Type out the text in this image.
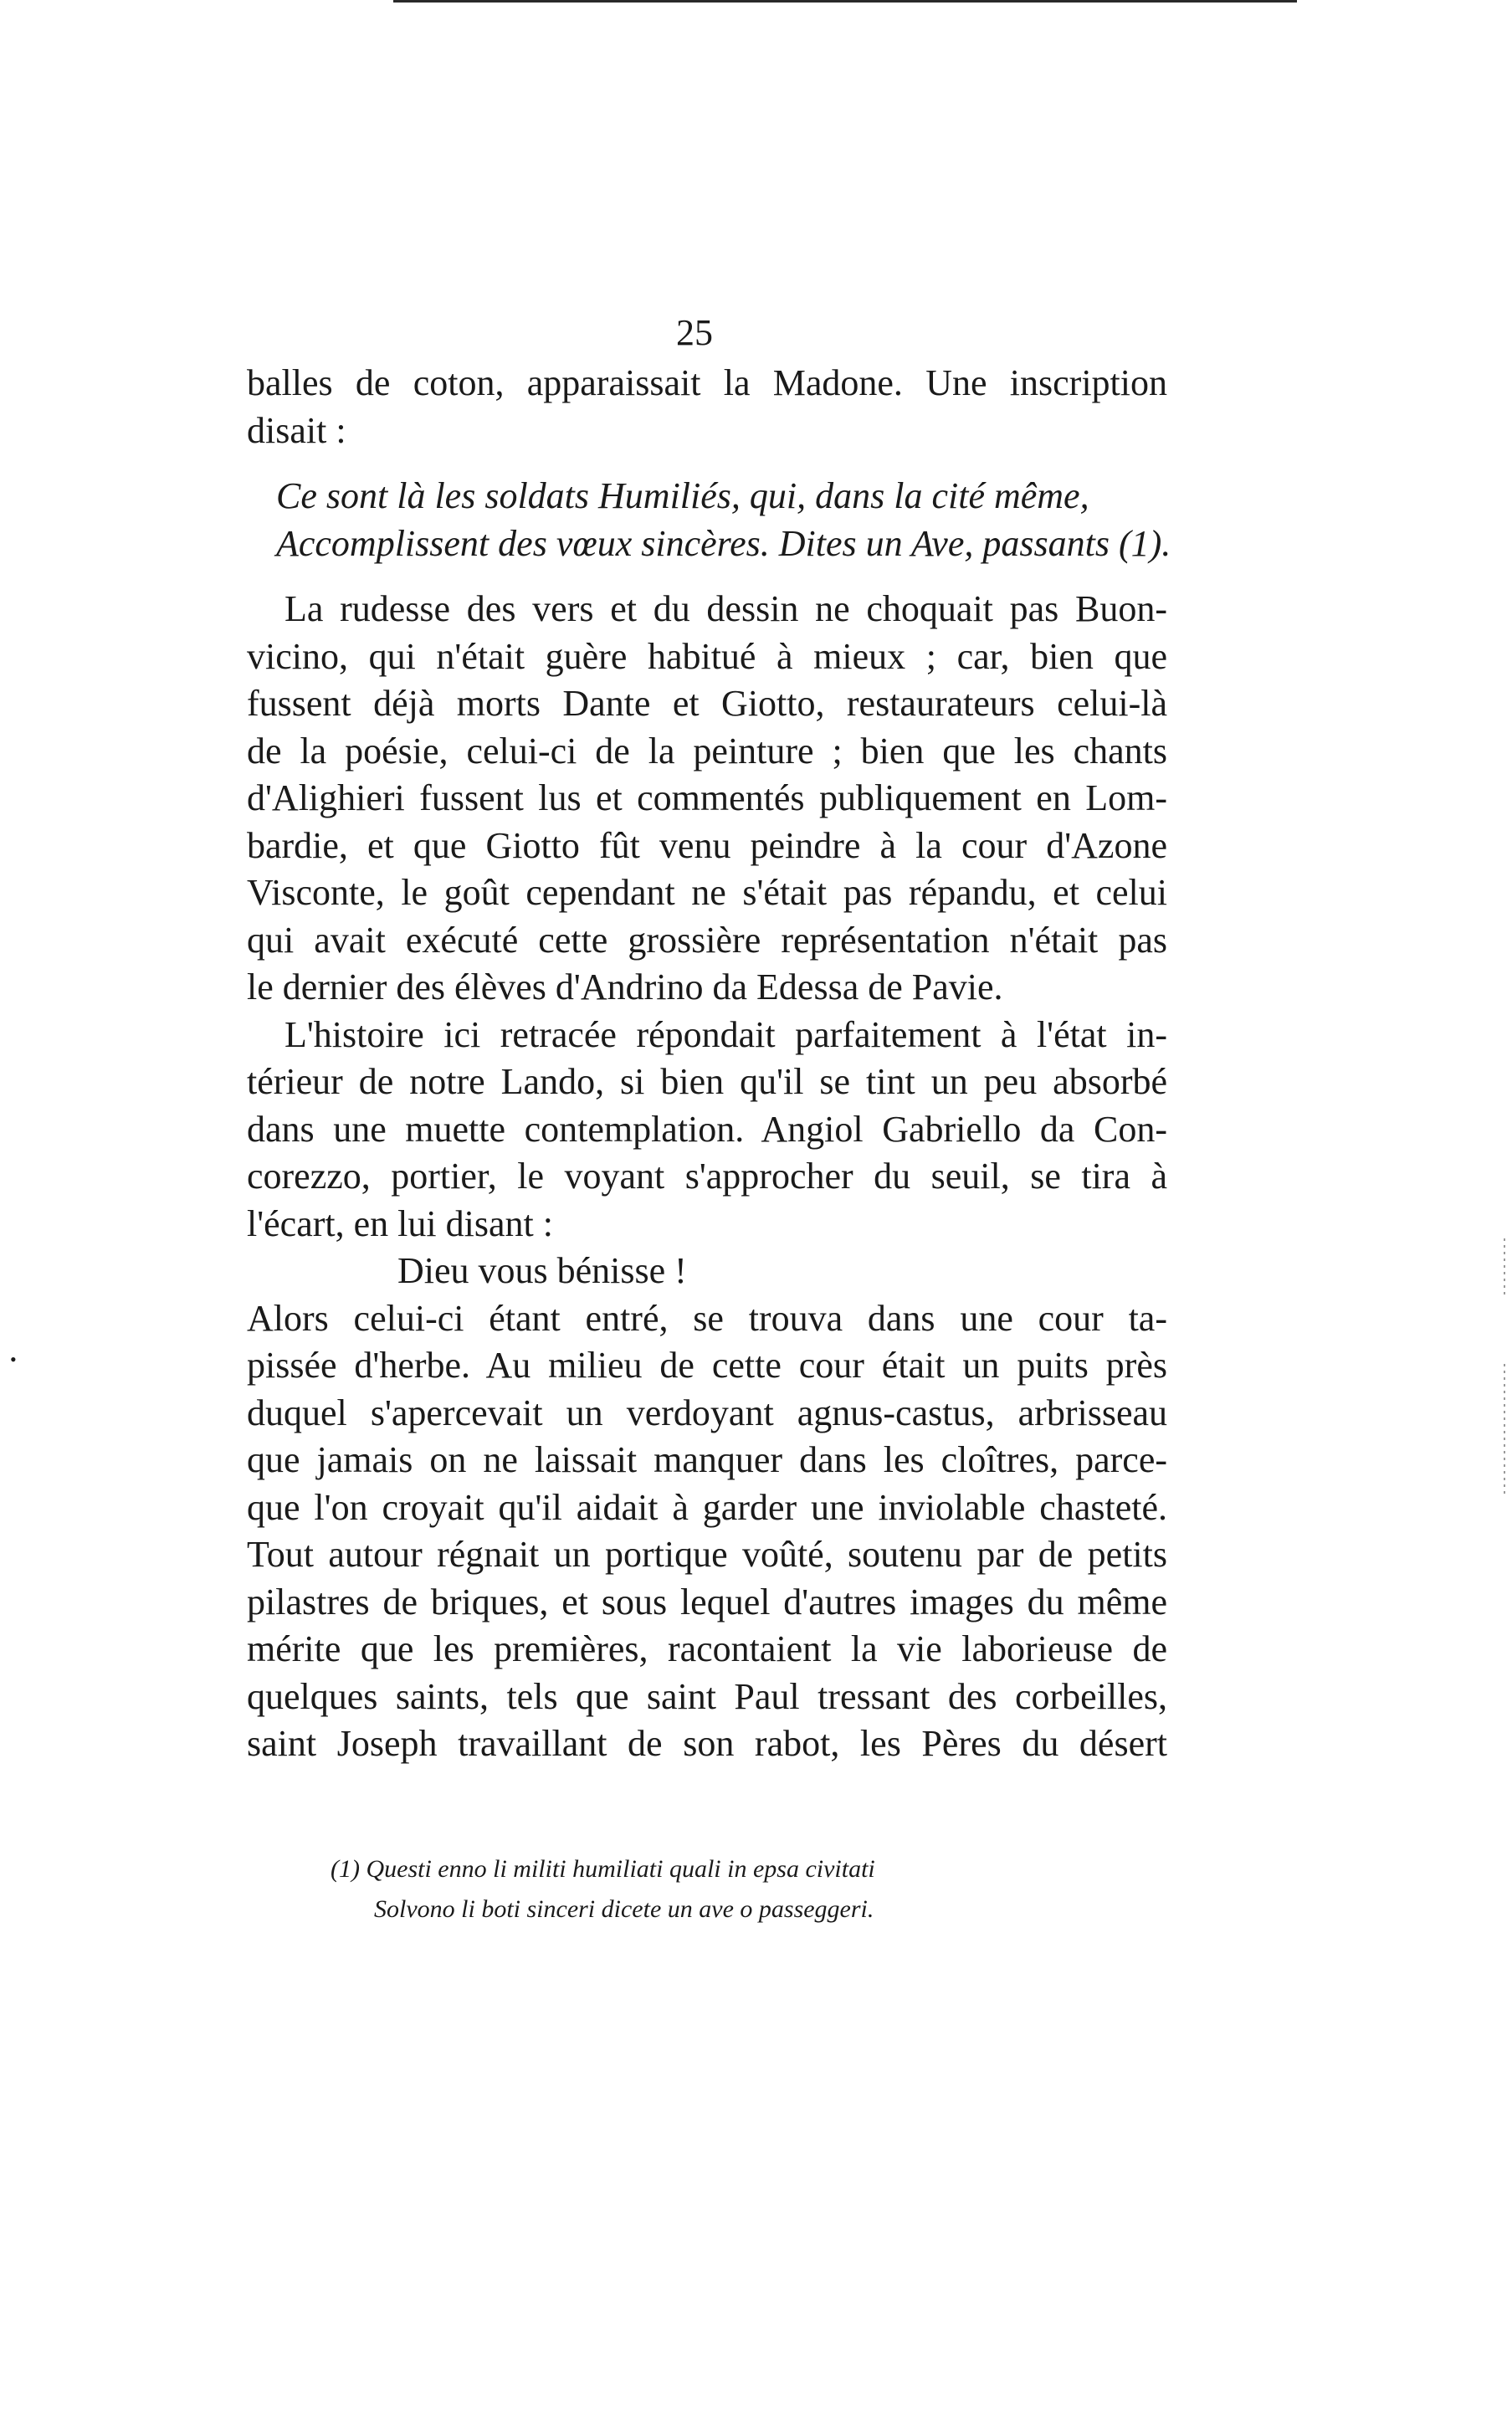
25
•
balles de coton, apparaissait la Madone. Une inscription
disait :
Ce sont là les soldats Humiliés, qui, dans la cité même,
Accomplissent des vœux sincères. Dites un Ave, passants (1).
La rudesse des vers et du dessin ne choquait pas Buon-
vicino, qui n'était guère habitué à mieux ; car, bien que
fussent déjà morts Dante et Giotto, restaurateurs celui-là
de la poésie, celui-ci de la peinture ; bien que les chants
d'Alighieri fussent lus et commentés publiquement en Lom-
bardie, et que Giotto fût venu peindre à la cour d'Azone
Visconte, le goût cependant ne s'était pas répandu, et celui
qui avait exécuté cette grossière représentation n'était pas
le dernier des élèves d'Andrino da Edessa de Pavie.
L'histoire ici retracée répondait parfaitement à l'état in-
térieur de notre Lando, si bien qu'il se tint un peu absorbé
dans une muette contemplation. Angiol Gabriello da Con-
corezzo, portier, le voyant s'approcher du seuil, se tira à
l'écart, en lui disant :
Dieu vous bénisse !
Alors celui-ci étant entré, se trouva dans une cour ta-
pissée d'herbe. Au milieu de cette cour était un puits près
duquel s'apercevait un verdoyant agnus-castus, arbrisseau
que jamais on ne laissait manquer dans les cloîtres, parce-
que l'on croyait qu'il aidait à garder une inviolable chasteté.
Tout autour régnait un portique voûté, soutenu par de petits
pilastres de briques, et sous lequel d'autres images du même
mérite que les premières, racontaient la vie laborieuse de
quelques saints, tels que saint Paul tressant des corbeilles,
saint Joseph travaillant de son rabot, les Pères du désert
(1) Questi enno li militi humiliati quali in epsa civitati
Solvono li boti sinceri dicete un ave o passeggeri.
